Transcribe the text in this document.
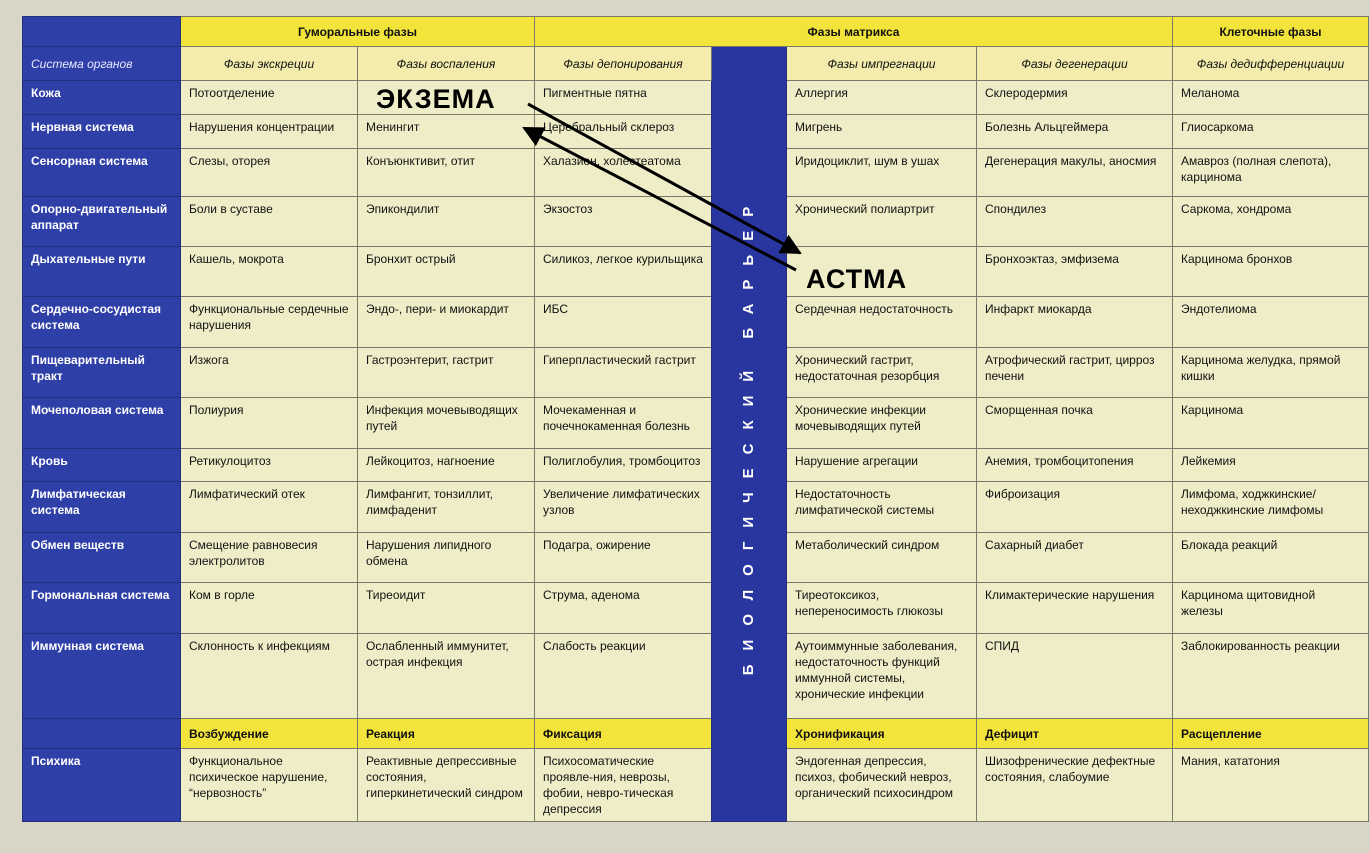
	Гуморальные фазы		Фазы матрикса				Клеточные фазы
Система органов	Фазы экскреции	Фазы воспаления	Фазы депонирования	БИОЛОГИЧЕСКИЙ БАРЬЕР	Фазы импрегнации	Фазы дегенерации	Фазы дедифференциации
Кожа	Потоотделение		Пигментные пятна		Аллергия	Склеродермия	Меланома
Нервная система	Нарушения концентрации	Менингит	Церебральный склероз		Мигрень	Болезнь Альцгеймера	Глиосаркома
Сенсорная система	Слезы, оторея	Конъюнктивит, отит	Халазион, холестеатома		Иридоциклит, шум в ушах	Дегенерация макулы, аносмия	Амавроз (полная слепота), карцинома
Опорно-двигательный аппарат	Боли в суставе	Эпикондилит	Экзостоз		Хронический полиартрит	Спондилез	Саркома, хондрома
Дыхательные пути	Кашель, мокрота	Бронхит острый	Силикоз, легкое курильщика			Бронхоэктаз, эмфизема	Карцинома бронхов
Сердечно-сосудистая система	Функциональные сердечные нарушения	Эндо-, пери- и миокардит	ИБС		Сердечная недостаточность	Инфаркт миокарда	Эндотелиома
Пищеварительный тракт	Изжога	Гастроэнтерит, гастрит	Гиперпластический гастрит		Хронический гастрит, недостаточная резорбция	Атрофический гастрит, цирроз печени	Карцинома желудка, прямой кишки
Мочеполовая система	Полиурия	Инфекция мочевыводящих путей	Мочекаменная и почечнокаменная болезнь		Хронические инфекции мочевыводящих путей	Сморщенная почка	Карцинома
Кровь	Ретикулоцитоз	Лейкоцитоз, нагноение	Полиглобулия, тромбоцитоз		Нарушение агрегации	Анемия, тромбоцитопения	Лейкемия
Лимфатическая система	Лимфатический отек	Лимфангит, тонзиллит, лимфаденит	Увеличение лимфатических узлов		Недостаточность лимфатической системы	Фиброизация	Лимфома, ходжкинские/неходжкинские лимфомы
Обмен веществ	Смещение равновесия электролитов	Нарушения липидного обмена	Подагра, ожирение		Метаболический синдром	Сахарный диабет	Блокада реакций
Гормональная система	Ком в горле	Тиреоидит	Струма, аденома		Тиреотоксикоз, непереносимость глюкозы	Климактерические нарушения	Карцинома щитовидной железы
Иммунная система	Склонность к инфекциям	Ослабленный иммунитет, острая инфекция	Слабость реакции		Аутоиммунные заболевания, недостаточность функций иммунной системы, хронические инфекции	СПИД	Заблокированность реакции
	Возбуждение	Реакция	Фиксация		Хронификация	Дефицит	Расщепление
Психика	Функциональное психическое нарушение, “нервозность”	Реактивные депрессивные состояния, гиперкинетический синдром	Психосоматические проявле-ния, неврозы, фобии, невро-тическая депрессия		Эндогенная депрессия, психоз, фобический невроз, органический психосиндром	Шизофренические дефектные состояния, слабоумие	Мания, кататония
ЭКЗЕМА
АСТМА
